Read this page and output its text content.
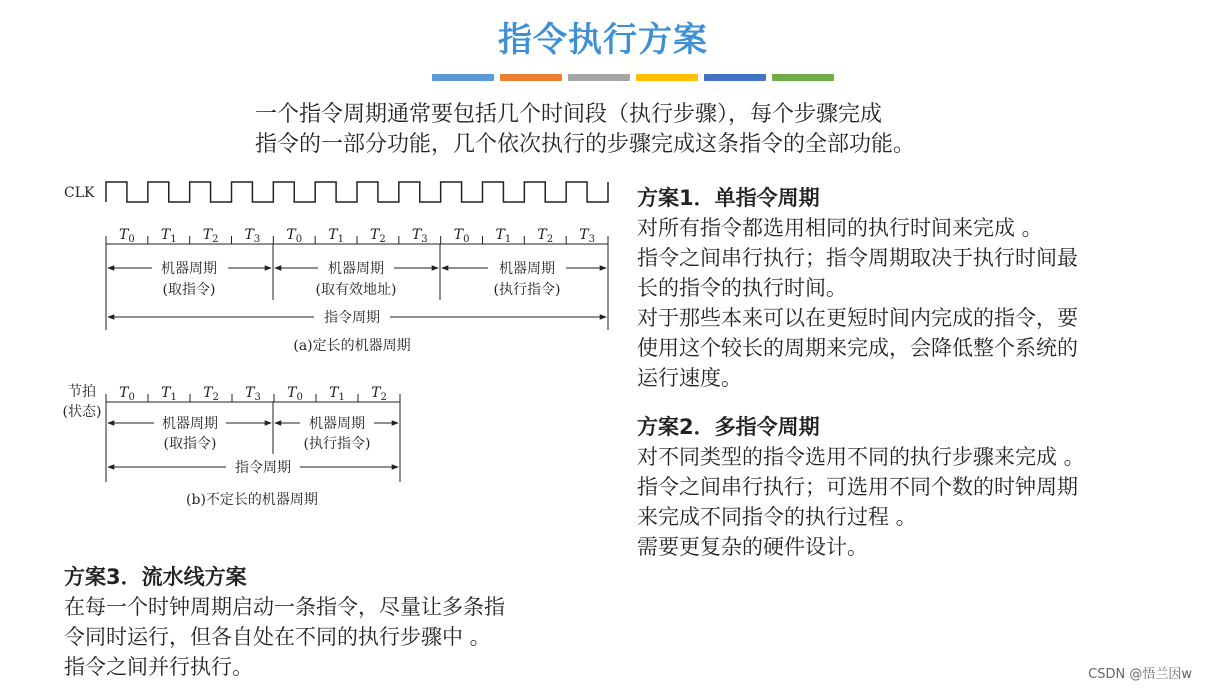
指令执行方案
一个指令周期通常要包括几个时间段（执行步骤），每个步骤完成
指令的一部分功能，几个依次执行的步骤完成这条指令的全部功能。
CLK
$T_0$ $T_1$ $T_2$ $T_3$ $T_0$ $T_1$ $T_2$ $T_3$ $T_0$ $T_1$ $T_2$ $T_3$
机器周期
(取指令)
机器周期
(取有效地址)
机器周期
(执行指令)
指令周期
(a)定长的机器周期
节拍
(状态)
$T_0$ $T_1$ $T_2$ $T_3$ $T_0$ $T_1$ $T_2$
机器周期
(取指令)
机器周期
(执行指令)
指令周期
(b)不定长的机器周期
方案1．单指令周期

对所有指令都选用相同的执行时间来完成 。

指令之间串行执行；指令周期取决于执行时间最

长的指令的执行时间。

对于那些本来可以在更短时间内完成的指令，要

使用这个较长的周期来完成，会降低整个系统的

运行速度。

方案2．多指令周期

对不同类型的指令选用不同的执行步骤来完成 。

指令之间串行执行；可选用不同个数的时钟周期

来完成不同指令的执行过程 。

需要更复杂的硬件设计。

方案3．流水线方案

在每一个时钟周期启动一条指令，尽量让多条指

令同时运行，但各自处在不同的执行步骤中 。

指令之间并行执行。	CSDN @悟兰因w
